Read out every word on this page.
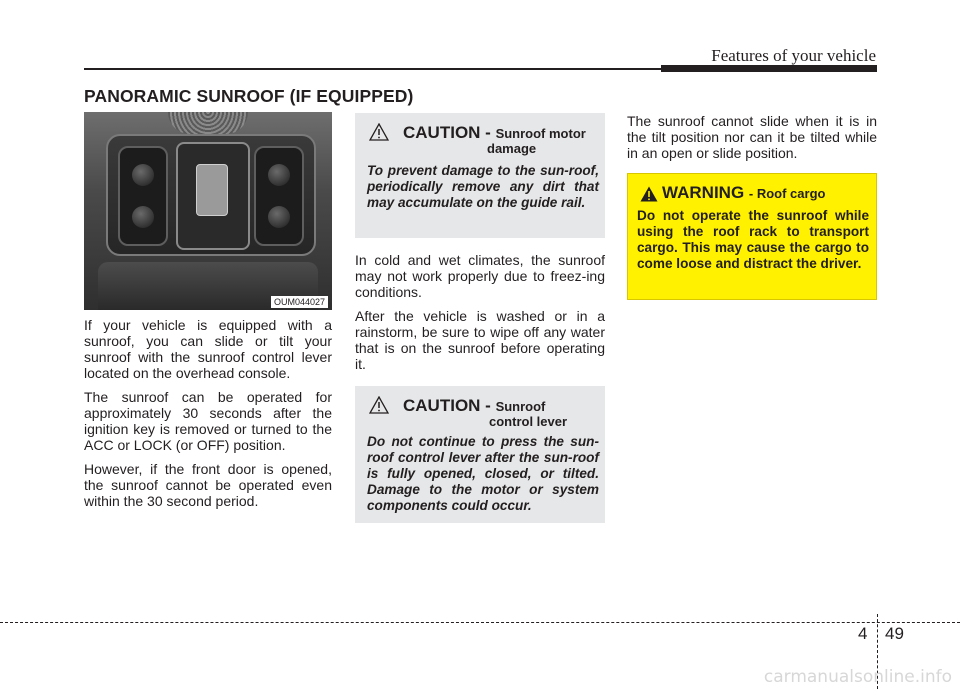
Features of your vehicle
PANORAMIC SUNROOF (IF EQUIPPED)
OUM044027

If your vehicle is equipped with a sunroof, you can slide or tilt your sunroof with the sunroof control lever located on the overhead console.

The sunroof can be operated for approximately 30 seconds after the ignition key is removed or turned to the ACC or LOCK (or OFF) position.

However, if the front door is opened, the sunroof cannot be operated even within the 30 second period.

CAUTION - Sunroof motor
damage
To prevent damage to the sun-roof, periodically remove any dirt that may accumulate on the guide rail.

In cold and wet climates, the sunroof may not work properly due to freez-ing conditions.

After the vehicle is washed or in a rainstorm, be sure to wipe off any water that is on the sunroof before operating it.

CAUTION - Sunroof
control lever
Do not continue to press the sun-roof control lever after the sun-roof is fully opened, closed, or tilted. Damage to the motor or system components could occur.

The sunroof cannot slide when it is in the tilt position nor can it be tilted while in an open or slide position.

WARNING - Roof cargo
Do not operate the sunroof while using the roof rack to transport cargo. This may cause the cargo to come loose and distract the driver.
4 49
carmanualsonline.info
